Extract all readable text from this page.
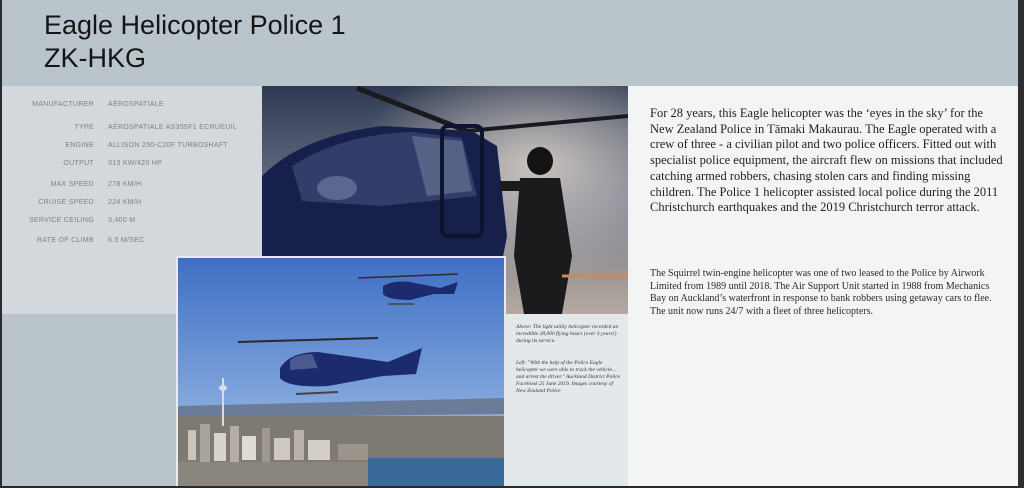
Eagle Helicopter Police 1
ZK-HKG
MANUFACTURER AÉROSPATIALE
TYPE AÉROSPATIALE AS355F1 ECRUEUIL
ENGINE ALLISON 250-C20F TURBOSHAFT
OUTPUT 313 KW/420 HP
MAX SPEED 278 KM/H
CRUISE SPEED 224 KM/H
SERVICE CEILING 3,400 M
RATE OF CLIMB 6.5 M/SEC

Above: The light utility helicopter recorded an incredible 28,000 flying hours (over 3 years!) during its service.

Left: "With the help of the Police Eagle helicopter we were able to track the vehicle... and arrest the driver." Auckland District Police Facebook 25 June 2019. Images courtesy of New Zealand Police

For 28 years, this Eagle helicopter was the ‘eyes in the sky’ for the New Zealand Police in Tāmaki Makaurau. The Eagle operated with a crew of three - a civilian pilot and two police officers. Fitted out with specialist police equipment, the aircraft flew on missions that included catching armed robbers, chasing stolen cars and finding missing children. The Police 1 helicopter assisted local police during the 2011 Christchurch earthquakes and the 2019 Christchurch terror attack.

The Squirrel twin-engine helicopter was one of two leased to the Police by Airwork Limited from 1989 until 2018. The Air Support Unit started in 1988 from Mechanics Bay on Auckland’s waterfront in response to bank robbers using getaway cars to flee. The unit now runs 24/7 with a fleet of three helicopters.
